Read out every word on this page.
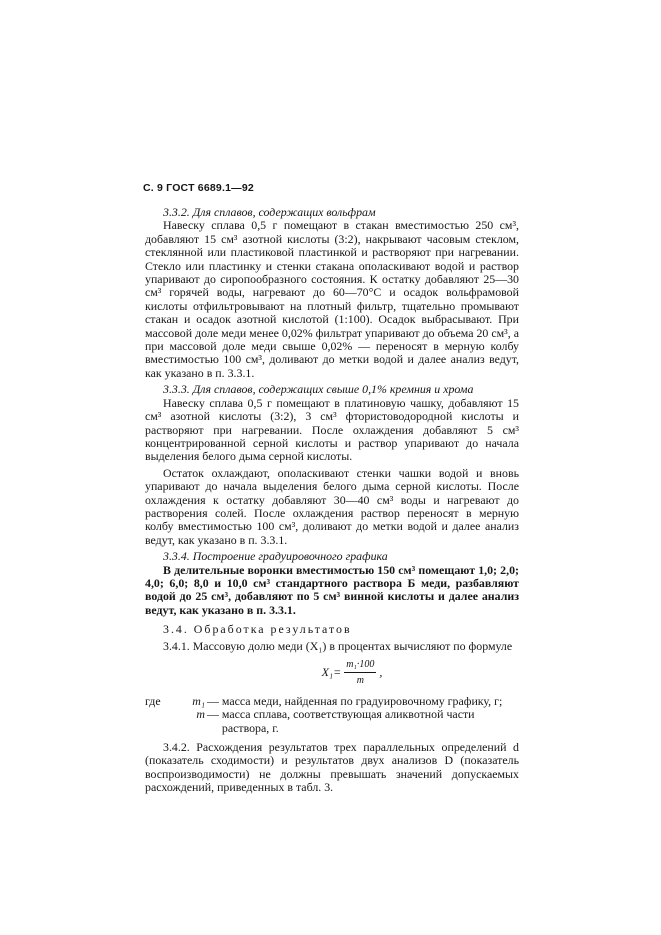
С. 9 ГОСТ 6689.1—92

3.3.2. Для сплавов, содержащих вольфрам

Навеску сплава 0,5 г помещают в стакан вместимостью 250 см³, добавляют 15 см³ азотной кислоты (3:2), накрывают часовым стеклом, стеклянной или пластиковой пластинкой и растворяют при нагревании. Стекло или пластинку и стенки стакана ополаскивают водой и раствор упаривают до сиропообразного состояния. К остатку добавляют 25—30 см³ горячей воды, нагревают до 60—70°С и осадок вольфрамовой кислоты отфильтровывают на плотный фильтр, тщательно промывают стакан и осадок азотной кислотой (1:100). Осадок выбрасывают. При массовой доле меди менее 0,02% фильтрат упаривают до объема 20 см³, а при массовой доле меди свыше 0,02% — переносят в мерную колбу вместимостью 100 см³, доливают до метки водой и далее анализ ведут, как указано в п. 3.3.1.

3.3.3. Для сплавов, содержащих свыше 0,1% кремния и хрома

Навеску сплава 0,5 г помещают в платиновую чашку, добавляют 15 см³ азотной кислоты (3:2), 3 см³ фтористоводородной кислоты и растворяют при нагревании. После охлаждения добавляют 5 см³ концентрированной серной кислоты и раствор упаривают до начала выделения белого дыма серной кислоты.

Остаток охлаждают, ополаскивают стенки чашки водой и вновь упаривают до начала выделения белого дыма серной кислоты. После охлаждения к остатку добавляют 30—40 см³ воды и нагревают до растворения солей. После охлаждения раствор переносят в мерную колбу вместимостью 100 см³, доливают до метки водой и далее анализ ведут, как указано в п. 3.3.1.

3.3.4. Построение градуировочного графика

В делительные воронки вместимостью 150 см³ помещают 1,0; 2,0; 4,0; 6,0; 8,0 и 10,0 см³ стандартного раствора Б меди, разбавляют водой до 25 см³, добавляют по 5 см³ винной кислоты и далее анализ ведут, как указано в п. 3.3.1.

3.4. Обработка результатов

3.4.1. Массовую долю меди (X₁) в процентах вычисляют по формуле

$X_1= \frac{\text{m₁·100}}{m}$ ,
где	m₁ —
масса меди, найденная по градуировочному графику, г;
m —
масса сплава, соответствующая аликвотной части раствора, г.

3.4.2. Расхождения результатов трех параллельных определений d (показатель сходимости) и результатов двух анализов D (показатель воспроизводимости) не должны превышать значений допускаемых расхождений, приведенных в табл. 3.
